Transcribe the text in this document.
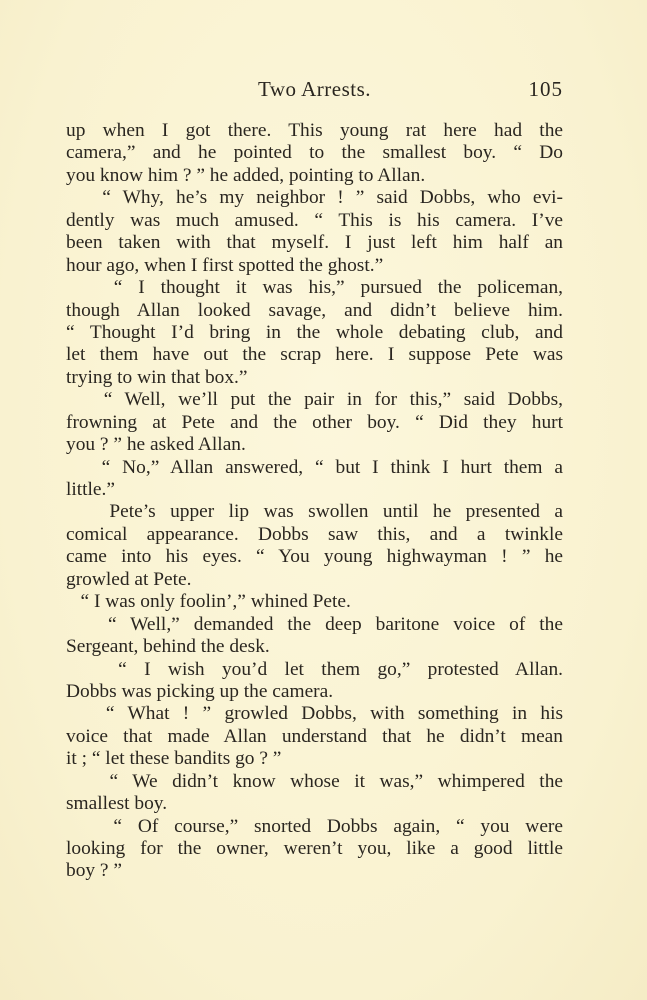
Two Arrests.	105
up when I got there. This young rat here had the
camera,” and he pointed to the smallest boy. “ Do
you know him ? ” he added, pointing to Allan.
“ Why, he’s my neighbor ! ” said Dobbs, who evi-
dently was much amused. “ This is his camera. I’ve
been taken with that myself. I just left him half an
hour ago, when I first spotted the ghost.”
“ I thought it was his,” pursued the policeman,
though Allan looked savage, and didn’t believe him.
“ Thought I’d bring in the whole debating club, and
let them have out the scrap here. I suppose Pete was
trying to win that box.”
“ Well, we’ll put the pair in for this,” said Dobbs,
frowning at Pete and the other boy. “ Did they hurt
you ? ” he asked Allan.
“ No,” Allan answered, “ but I think I hurt them a
little.”
Pete’s upper lip was swollen until he presented a
comical appearance. Dobbs saw this, and a twinkle
came into his eyes. “ You young highwayman ! ” he
growled at Pete.
“ I was only foolin’,” whined Pete.
“ Well,” demanded the deep baritone voice of the
Sergeant, behind the desk.
“ I wish you’d let them go,” protested Allan.
Dobbs was picking up the camera.
“ What ! ” growled Dobbs, with something in his
voice that made Allan understand that he didn’t mean
it ; “ let these bandits go ? ”
“ We didn’t know whose it was,” whimpered the
smallest boy.
“ Of course,” snorted Dobbs again, “ you were
looking for the owner, weren’t you, like a good little
boy ? ”
